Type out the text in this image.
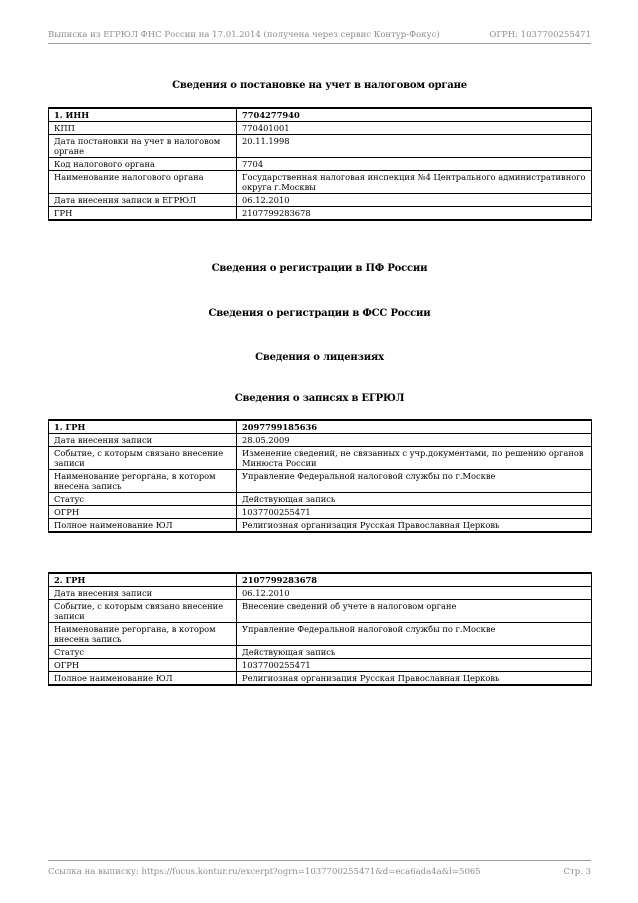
Выписка из ЕГРЮЛ ФНС России на 17.01.2014 (получена через сервис Контур-Фокус)	ОГРН: 1037700255471
Сведения о постановке на учет в налоговом органе
1. ИНН	7704277940
КПП	770401001
Дата постановки на учет в налоговом органе	20.11.1998
Код налогового органа	7704
Наименование налогового органа	Государственная налоговая инспекция №4 Центрального административного округа г.Москвы
Дата внесения записи в ЕГРЮЛ	06.12.2010
ГРН	2107799283678
Сведения о регистрации в ПФ России
Сведения о регистрации в ФСС России
Сведения о лицензиях
Сведения о записях в ЕГРЮЛ
1. ГРН	2097799185636
Дата внесения записи	28.05.2009
Событие, с которым связано внесение записи	Изменение сведений, не связанных с учр.документами, по решению органов Минюста России
Наименование регоргана, в котором внесена запись	Управление Федеральной налоговой службы по г.Москве
Статус	Действующая запись
ОГРН	1037700255471
Полное наименование ЮЛ	Религиозная организация Русская Православная Церковь
2. ГРН	2107799283678
Дата внесения записи	06.12.2010
Событие, с которым связано внесение записи	Внесение сведений об учете в налоговом органе
Наименование регоргана, в котором внесена запись	Управление Федеральной налоговой службы по г.Москве
Статус	Действующая запись
ОГРН	1037700255471
Полное наименование ЮЛ	Религиозная организация Русская Православная Церковь
Ссылка на выписку: https://focus.kontur.ru/excerpt?ogrn=1037700255471&d=eca6ada4a&l=5065	Стр. 3
